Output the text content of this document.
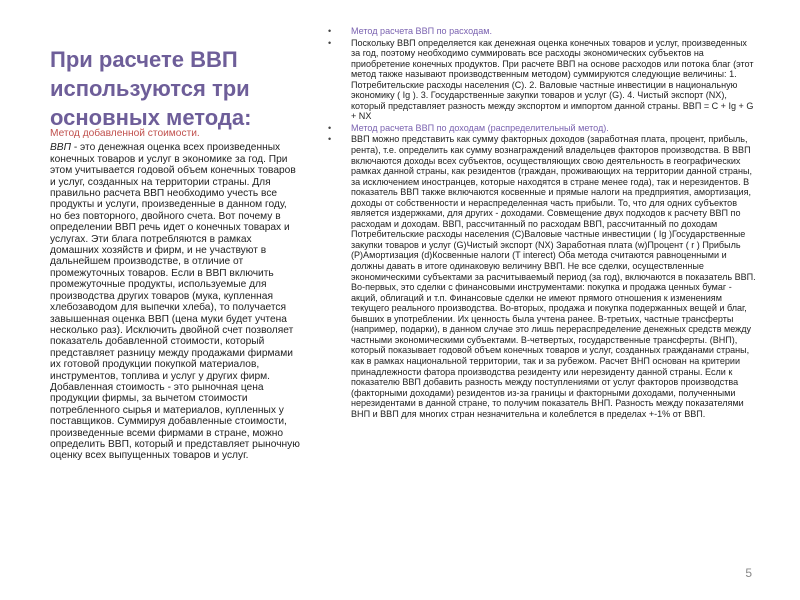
При расчете ВВП используются три основных метода:

Метод добавленной стоимости.

ВВП - это денежная оценка всех произведенных конечных товаров и услуг в экономике за год. При этом учитывается годовой объем конечных товаров и услуг, созданных на территории страны. Для правильно расчета ВВП необходимо учесть все продукты и услуги, произведенные в данном году, но без повторного, двойного счета. Вот почему в определении ВВП речь идет о конечных товарах и услугах. Эти блага потребляются в рамках домашних хозяйств и фирм, и не участвуют в дальнейшем производстве, в отличие от промежуточных товаров. Если в ВВП включить промежуточные продукты, используемые для производства других товаров (мука, купленная хлебозаводом для выпечки хлеба), то получается завышенная оценка ВВП (цена муки будет учтена несколько раз). Исключить двойной счет позволяет показатель добавленной стоимости, который представляет разницу между продажами фирмами их готовой продукции покупкой материалов, инструментов, топлива и услуг у других фирм. Добавленная стоимость - это рыночная цена продукции фирмы, за вычетом стоимости потребленного сырья и материалов, купленных у поставщиков. Суммируя добавленные стоимости, произведенные всеми фирмами в стране, можно определить ВВП, который и представляет рыночную оценку всех выпущенных товаров и услуг.

• Метод расчета ВВП по расходам.
• Поскольку ВВП определяется как денежная оценка конечных товаров и услуг, произведенных за год, поэтому необходимо суммировать все расходы экономических субъектов на приобретение конечных продуктов. При расчете ВВП на основе расходов или потока благ (этот метод также называют производственным методом) суммируются следующие величины: 1. Потребительские расходы населения (C). 2. Валовые частные инвестиции в национальную экономику ( Ig ). 3. Государственные закупки товаров и услуг (G). 4. Чистый экспорт (NX), который представляет разность между экспортом и импортом данной страны. ВВП = C + Ig + G + NX
• Метод расчета ВВП по доходам (распределительный метод).
• ВВП можно представить как сумму факторных доходов (заработная плата, процент, прибыль, рента), т.е. определить как сумму вознаграждений владельцев факторов производства. В ВВП включаются доходы всех субъектов, осуществляющих свою деятельность в географических рамках данной страны, как резидентов (граждан, проживающих на территории данной страны, за исключением иностранцев, которые находятся в стране менее года), так и нерезидентов. В показатель ВВП также включаются косвенные и прямые налоги на предприятия, амортизация, доходы от собственности и нераспределенная часть прибыли. То, что для одних субъектов является издержками, для других - доходами. Совмещение двух подходов к расчету ВВП по расходам и доходам. ВВП, рассчитанный по расходам ВВП, рассчитанный по доходам Потребительские расходы населения (C)Валовые частные инвестиции ( Ig )Государственные закупки товаров и услуг (G)Чистый экспорт (NX) Заработная плата (w)Процент ( r ) Прибыль (P)Амортизация (d)Косвенные налоги (T interect) Оба метода считаются равноценными и должны давать в итоге одинаковую величину ВВП. Не все сделки, осуществленные экономическими субъектами за расчитываемый период (за год), включаются в показатель ВВП. Во-первых, это сделки с финансовыми инструментами: покупка и продажа ценных бумаг - акций, облигаций и т.п. Финансовые сделки не имеют прямого отношения к изменениям текущего реального производства. Во-вторых, продажа и покупка подержанных вещей и благ, бывших в употреблении. Их ценность была учтена ранее. В-третьих, частные трансферты (например, подарки), в данном случае это лишь перераспределение денежных средств между частными экономическими субъектами. В-четвертых, государственные трансферты. (ВНП), который показывает годовой объем конечных товаров и услуг, созданных гражданами страны, как в рамках национальной территории, так и за рубежом. Расчет ВНП основан на критерии принадлежности фатора производства резиденту или нерезиденту данной страны. Если к показателю ВВП добавить разность между поступлениями от услуг факторов производства (факторными доходами) резидентов из-за границы и факторными доходами, полученными нерезидентами в данной стране, то получим показатель ВНП. Разность между показателями ВНП и ВВП для многих стран незначительна и колеблется в пределах +-1% от ВВП.
5
